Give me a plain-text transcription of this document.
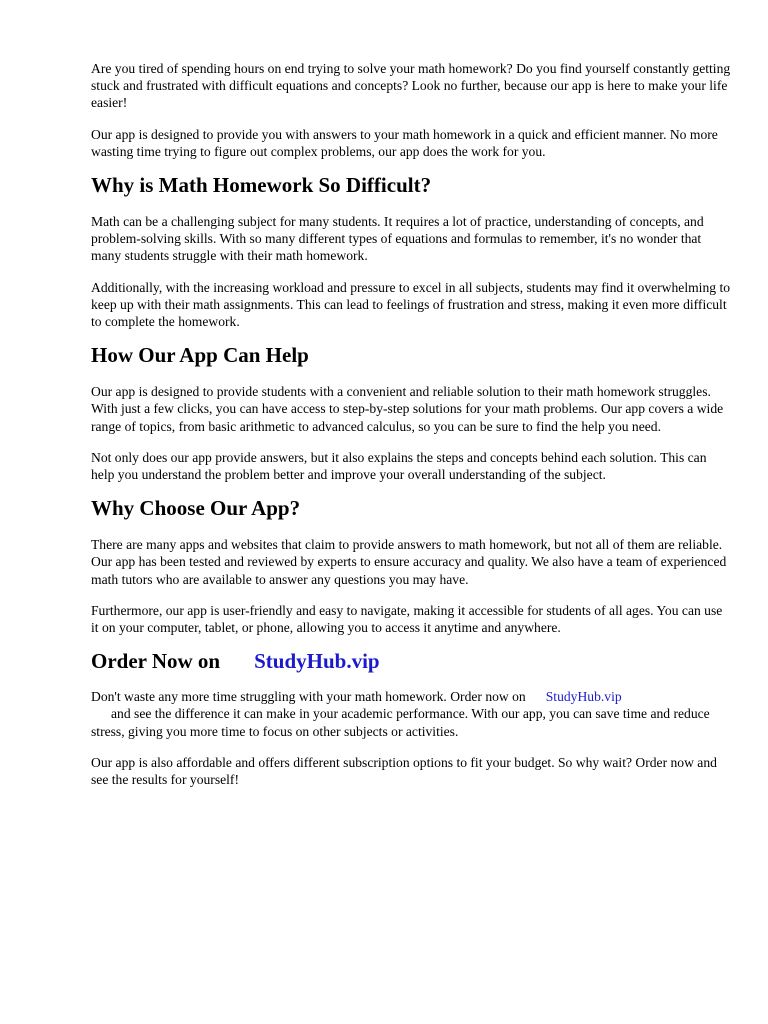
Are you tired of spending hours on end trying to solve your math homework? Do you find yourself constantly getting stuck and frustrated with difficult equations and concepts? Look no further, because our app is here to make your life easier!

Our app is designed to provide you with answers to your math homework in a quick and efficient manner. No more wasting time trying to figure out complex problems, our app does the work for you.

Why is Math Homework So Difficult?

Math can be a challenging subject for many students. It requires a lot of practice, understanding of concepts, and problem-solving skills. With so many different types of equations and formulas to remember, it's no wonder that many students struggle with their math homework.

Additionally, with the increasing workload and pressure to excel in all subjects, students may find it overwhelming to keep up with their math assignments. This can lead to feelings of frustration and stress, making it even more difficult to complete the homework.

How Our App Can Help

Our app is designed to provide students with a convenient and reliable solution to their math homework struggles. With just a few clicks, you can have access to step-by-step solutions for your math problems. Our app covers a wide range of topics, from basic arithmetic to advanced calculus, so you can be sure to find the help you need.

Not only does our app provide answers, but it also explains the steps and concepts behind each solution. This can help you understand the problem better and improve your overall understanding of the subject.

Why Choose Our App?

There are many apps and websites that claim to provide answers to math homework, but not all of them are reliable. Our app has been tested and reviewed by experts to ensure accuracy and quality. We also have a team of experienced math tutors who are available to answer any questions you may have.

Furthermore, our app is user-friendly and easy to navigate, making it accessible for students of all ages. You can use it on your computer, tablet, or phone, allowing you to access it anytime and anywhere.

Order Now on StudyHub.vip

Don't waste any more time struggling with your math homework. Order now on StudyHub.vip
and see the difference it can make in your academic performance. With our app, you can save time and reduce stress, giving you more time to focus on other subjects or activities.

Our app is also affordable and offers different subscription options to fit your budget. So why wait? Order now and see the results for yourself!
